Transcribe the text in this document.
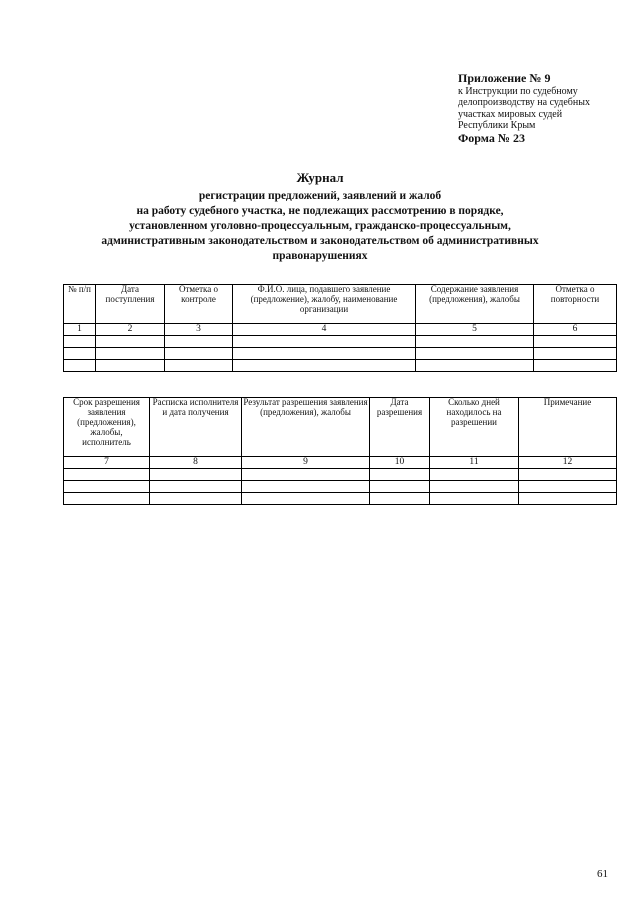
Приложение № 9
к Инструкции по судебному
делопроизводству на судебных
участках мировых судей
Республики Крым
Форма № 23
Журнал
регистрации предложений, заявлений и жалоб
на работу судебного участка, не подлежащих рассмотрению в порядке,
установленном уголовно-процессуальным, гражданско-процессуальным,
административным законодательством и законодательством об административных
правонарушениях
№ п/п	Дата поступления	Отметка о контроле	Ф.И.О. лица, подавшего заявление (предложение), жалобу, наименование организации	Содержание заявления (предложения), жалобы	Отметка о повторности
1	2	3	4	5	6

Срок разрешения заявления (предложения), жалобы, исполнитель	Расписка исполнителя и дата получения	Результат разрешения заявления (предложения), жалобы	Дата разрешения	Сколько дней находилось на разрешении	Примечание
7	8	9	10	11	12

61
